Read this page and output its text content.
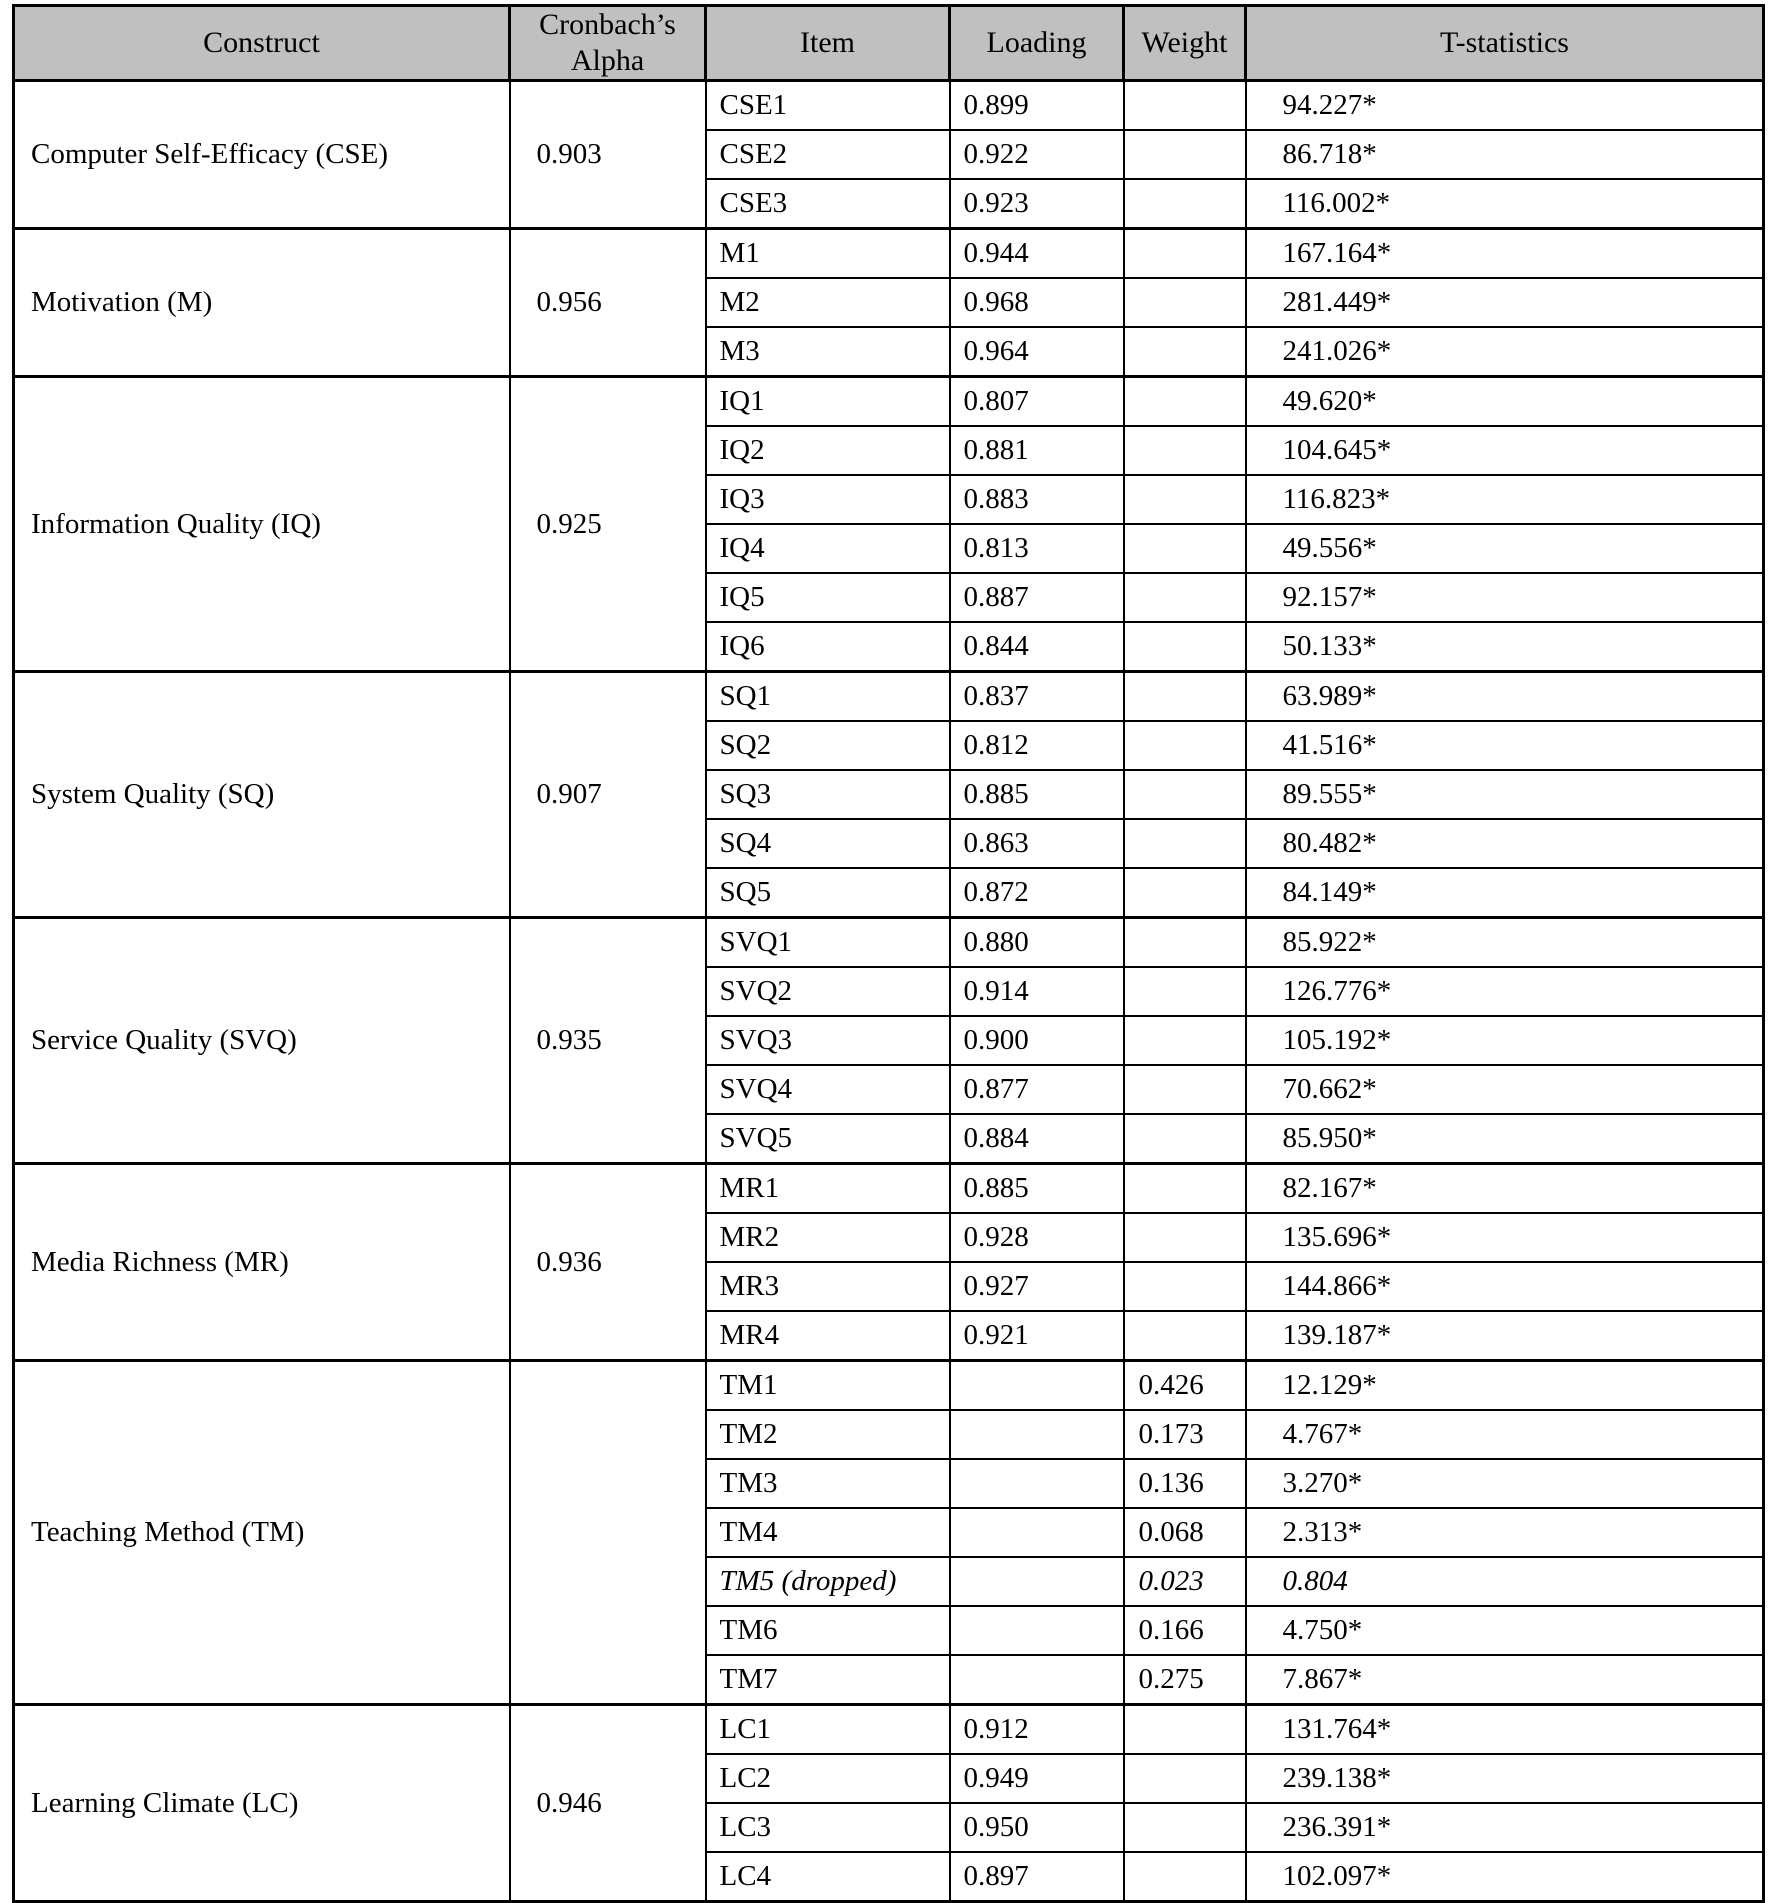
Construct	Cronbach’s Alpha	Item	Loading	Weight	T-statistics
Computer Self-Efficacy (CSE)	0.903	CSE1	0.899		94.227*
		CSE2	0.922		86.718*
		CSE3	0.923		116.002*
Motivation (M)	0.956	M1	0.944		167.164*
		M2	0.968		281.449*
		M3	0.964		241.026*
Information Quality (IQ)	0.925	IQ1	0.807		49.620*
		IQ2	0.881		104.645*
		IQ3	0.883		116.823*
		IQ4	0.813		49.556*
		IQ5	0.887		92.157*
		IQ6	0.844		50.133*
System Quality (SQ)	0.907	SQ1	0.837		63.989*
		SQ2	0.812		41.516*
		SQ3	0.885		89.555*
		SQ4	0.863		80.482*
		SQ5	0.872		84.149*
Service Quality (SVQ)	0.935	SVQ1	0.880		85.922*
		SVQ2	0.914		126.776*
		SVQ3	0.900		105.192*
		SVQ4	0.877		70.662*
		SVQ5	0.884		85.950*
Media Richness (MR)	0.936	MR1	0.885		82.167*
		MR2	0.928		135.696*
		MR3	0.927		144.866*
		MR4	0.921		139.187*
Teaching Method (TM)		TM1		0.426	12.129*
		TM2		0.173	4.767*
		TM3		0.136	3.270*
		TM4		0.068	2.313*
		TM5 (dropped)		0.023	0.804
		TM6		0.166	4.750*
		TM7		0.275	7.867*
Learning Climate (LC)	0.946	LC1	0.912		131.764*
		LC2	0.949		239.138*
		LC3	0.950		236.391*
		LC4	0.897		102.097*
